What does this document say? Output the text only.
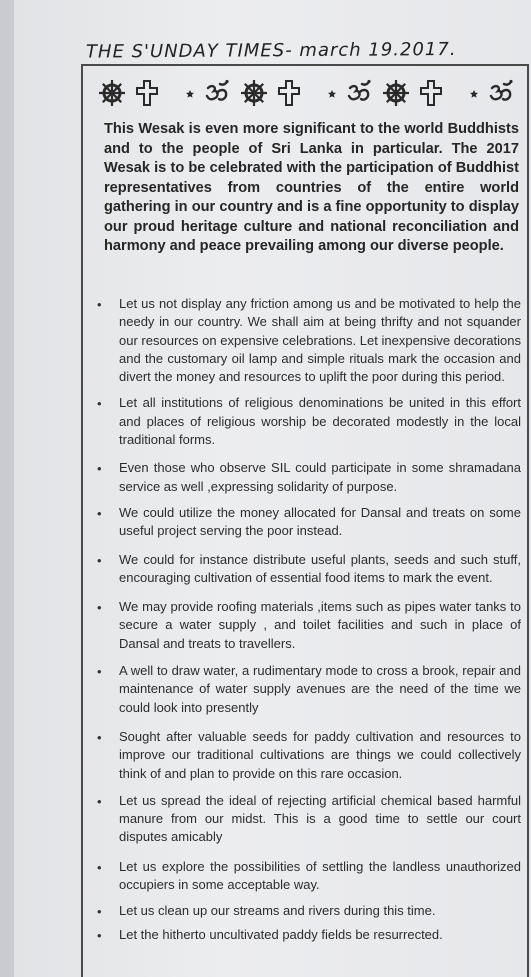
THE S'UNDAY TIMES- march 19.2017.
This Wesak is even more significant to the world Buddhists and to the people of Sri Lanka in particular. The 2017 Wesak is to be celebrated with the participation of Buddhist representatives from countries of the entire world gathering in our country and is a fine opportunity to display our proud heritage culture and national reconciliation and harmony and peace prevailing among our diverse people.
• Let us not display any friction among us and be motivated to help the needy in our country. We shall aim at being thrifty and not squander our resources on expensive celebrations. Let inexpensive decorations and the customary oil lamp and simple rituals mark the occasion and divert the money and resources to uplift the poor during this period.
• Let all institutions of religious denominations be united in this effort and places of religious worship be decorated modestly in the local traditional forms.
• Even those who observe SIL could participate in some shramadana service as well ,expressing solidarity of purpose.
• We could utilize the money allocated for Dansal and treats on some useful project serving the poor instead.
• We could for instance distribute useful plants, seeds and such stuff, encouraging cultivation of essential food items to mark the event.
• We may provide roofing materials ,items such as pipes water tanks to secure a water supply , and toilet facilities and such in place of Dansal and treats to travellers.
• A well to draw water, a rudimentary mode to cross a brook, repair and maintenance of water supply avenues are the need of the time we could look into presently
• Sought after valuable seeds for paddy cultivation and resources to improve our traditional cultivations are things we could collectively think of and plan to provide on this rare occasion.
• Let us spread the ideal of rejecting artificial chemical based harmful manure from our midst. This is a good time to settle our court disputes amicably
• Let us explore the possibilities of settling the landless unauthorized occupiers in some acceptable way.
• Let us clean up our streams and rivers during this time.
• Let the hitherto uncultivated paddy fields be resurrected.
